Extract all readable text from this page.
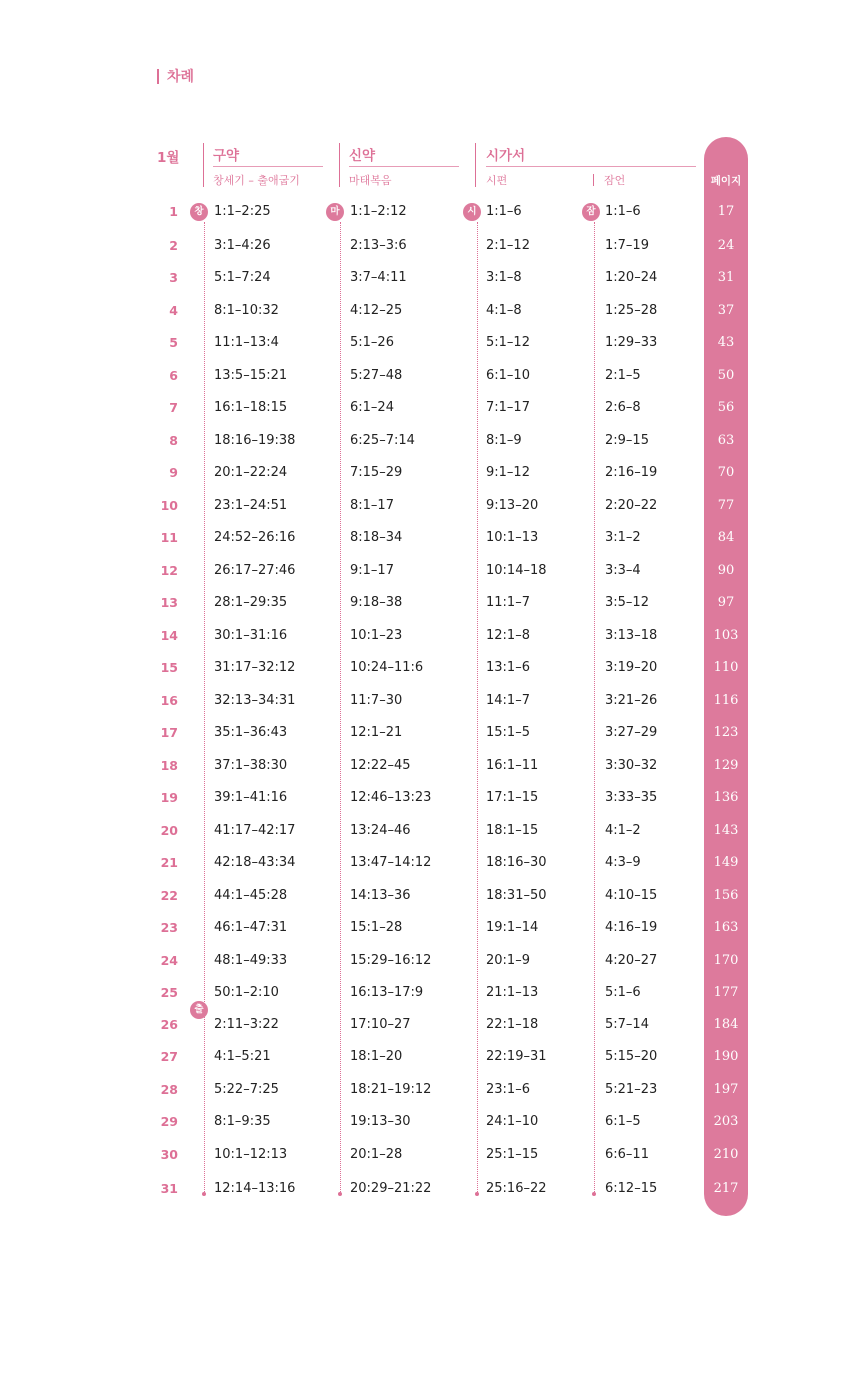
차례
1월 구약
창세기 – 출애굽기
신약
마태복음
시가서
시편	잠언	페이지
창
출
마	시	잠
1	1:1–2:25	1:1–2:12	1:1–6	1:1–6	17
2	3:1–4:26	2:13–3:6	2:1–12	1:7–19	24
3	5:1–7:24	3:7–4:11	3:1–8	1:20–24	31
4	8:1–10:32	4:12–25	4:1–8	1:25–28	37
5	11:1–13:4	5:1–26	5:1–12	1:29–33	43
6	13:5–15:21	5:27–48	6:1–10	2:1–5	50
7	16:1–18:15	6:1–24	7:1–17	2:6–8	56
8	18:16–19:38	6:25–7:14	8:1–9	2:9–15	63
9	20:1–22:24	7:15–29	9:1–12	2:16–19	70
10	23:1–24:51	8:1–17	9:13–20	2:20–22	77
11	24:52–26:16	8:18–34	10:1–13	3:1–2	84
12	26:17–27:46	9:1–17	10:14–18	3:3–4	90
13	28:1–29:35	9:18–38	11:1–7	3:5–12	97
14	30:1–31:16	10:1–23	12:1–8	3:13–18	103
15	31:17–32:12	10:24–11:6	13:1–6	3:19–20	110
16	32:13–34:31	11:7–30	14:1–7	3:21–26	116
17	35:1–36:43	12:1–21	15:1–5	3:27–29	123
18	37:1–38:30	12:22–45	16:1–11	3:30–32	129
19	39:1–41:16	12:46–13:23	17:1–15	3:33–35	136
20	41:17–42:17	13:24–46	18:1–15	4:1–2	143
21	42:18–43:34	13:47–14:12	18:16–30	4:3–9	149
22	44:1–45:28	14:13–36	18:31–50	4:10–15	156
23	46:1–47:31	15:1–28	19:1–14	4:16–19	163
24	48:1–49:33	15:29–16:12	20:1–9	4:20–27	170
25	50:1–2:10	16:13–17:9	21:1–13	5:1–6	177
26	2:11–3:22	17:10–27	22:1–18	5:7–14	184
27	4:1–5:21	18:1–20	22:19–31	5:15–20	190
28	5:22–7:25	18:21–19:12	23:1–6	5:21–23	197
29	8:1–9:35	19:13–30	24:1–10	6:1–5	203
30	10:1–12:13	20:1–28	25:1–15	6:6–11	210
31	12:14–13:16	20:29–21:22	25:16–22	6:12–15	217
